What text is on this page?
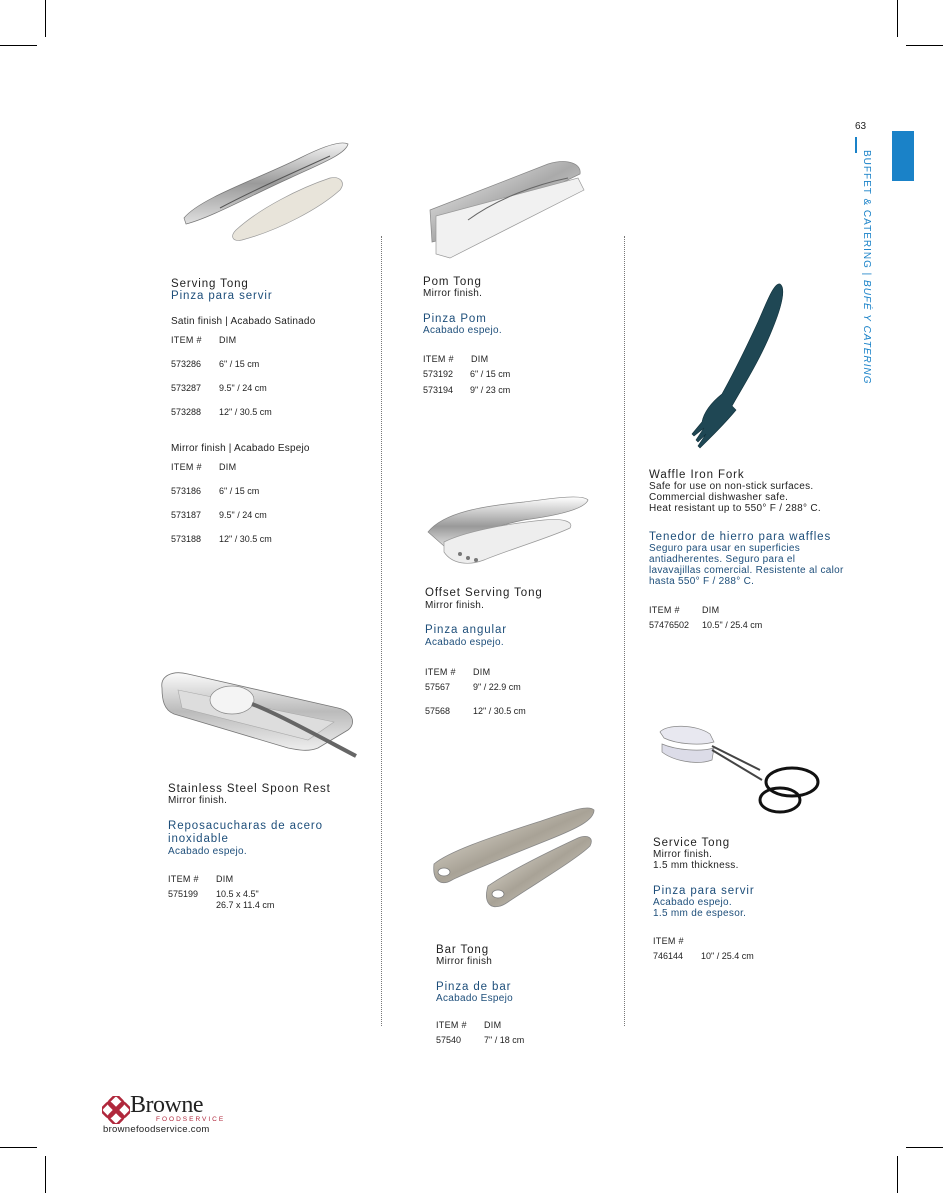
63
BUFFET & CATERING | BUFÉ Y CATERING
Serving Tong
Pinza para servir
Satin finish | Acabado Satinado
ITEM # DIM
573286 6" / 15 cm
573287 9.5" / 24 cm
573288 12" / 30.5 cm
Mirror finish | Acabado Espejo
ITEM # DIM
573186 6" / 15 cm
573187 9.5" / 24 cm
573188 12" / 30.5 cm
Pom Tong
Mirror finish.
Pinza Pom
Acabado espejo.
ITEM # DIM
573192 6" / 15 cm
573194 9" / 23 cm
Waffle Iron Fork
Safe for use on non-stick surfaces.
Commercial dishwasher safe.
Heat resistant up to 550° F / 288° C.
Tenedor de hierro para waffles
Seguro para usar en superficies
antiadherentes. Seguro para el
lavavajillas comercial. Resistente al calor
hasta 550° F / 288° C.
ITEM # DIM
57476502 10.5" / 25.4 cm
Offset Serving Tong
Mirror finish.
Pinza angular
Acabado espejo.
ITEM # DIM
57567	9" / 22.9 cm
57568	12" / 30.5 cm
Stainless Steel Spoon Rest
Mirror finish.
Reposacucharas de acero
inoxidable
Acabado espejo.
ITEM # DIM
575199 10.5 x 4.5"
26.7 x 11.4 cm
Service Tong
Mirror finish.
1.5 mm thickness.
Pinza para servir
Acabado espejo.
1.5 mm de espesor.
ITEM #
746144 10" / 25.4 cm
Bar Tong
Mirror finish
Pinza de bar
Acabado Espejo
ITEM # DIM
57540	7" / 18 cm
Browne
FOODSERVICE
brownefoodservice.com
